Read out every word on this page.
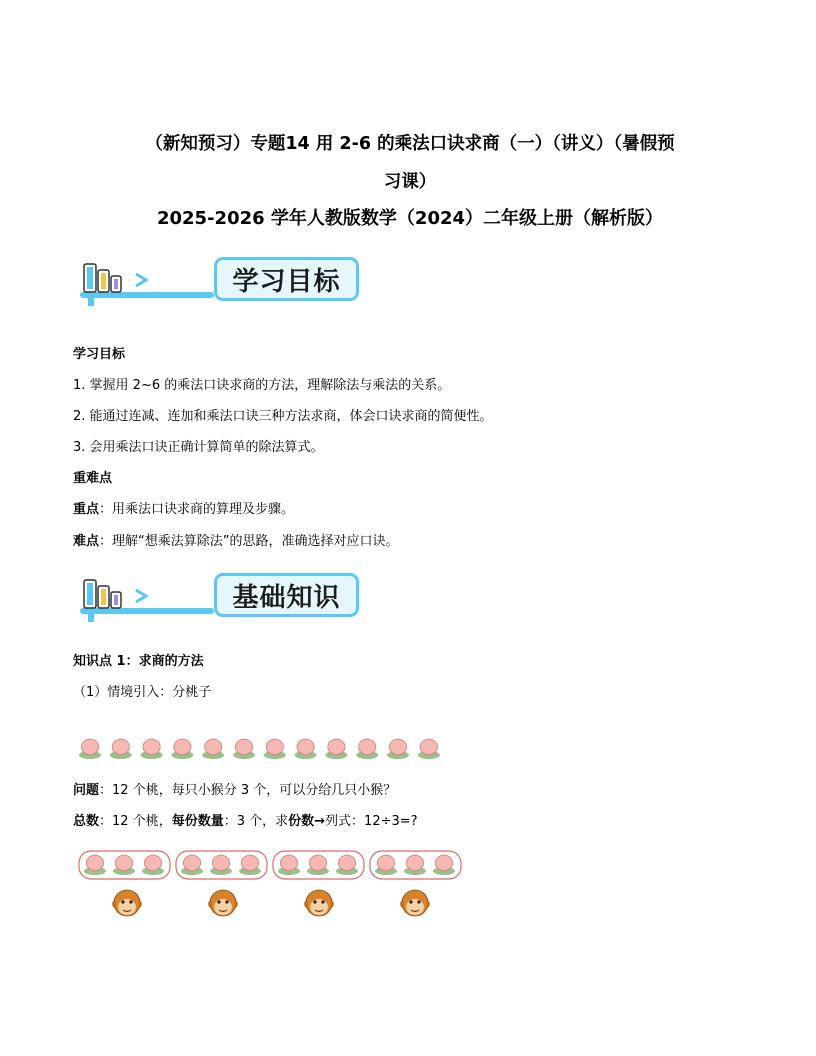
（新知预习）专题14 用 2-6 的乘法口诀求商（一）（讲义）（暑假预
习课）
2025-2026 学年人教版数学（2024）二年级上册（解析版）
学习目标
学习目标
1. 掌握用 2~6 的乘法口诀求商的方法，理解除法与乘法的关系。
2. 能通过连减、连加和乘法口诀三种方法求商，体会口诀求商的简便性。
3. 会用乘法口诀正确计算简单的除法算式。
重难点
重点：用乘法口诀求商的算理及步骤。
难点：理解“想乘法算除法”的思路，准确选择对应口诀。
基础知识
知识点 1：求商的方法
（1）情境引入：分桃子
问题：12 个桃，每只小猴分 3 个，可以分给几只小猴？
总数：12 个桃，每份数量：3 个，求份数→列式：12÷3=?
